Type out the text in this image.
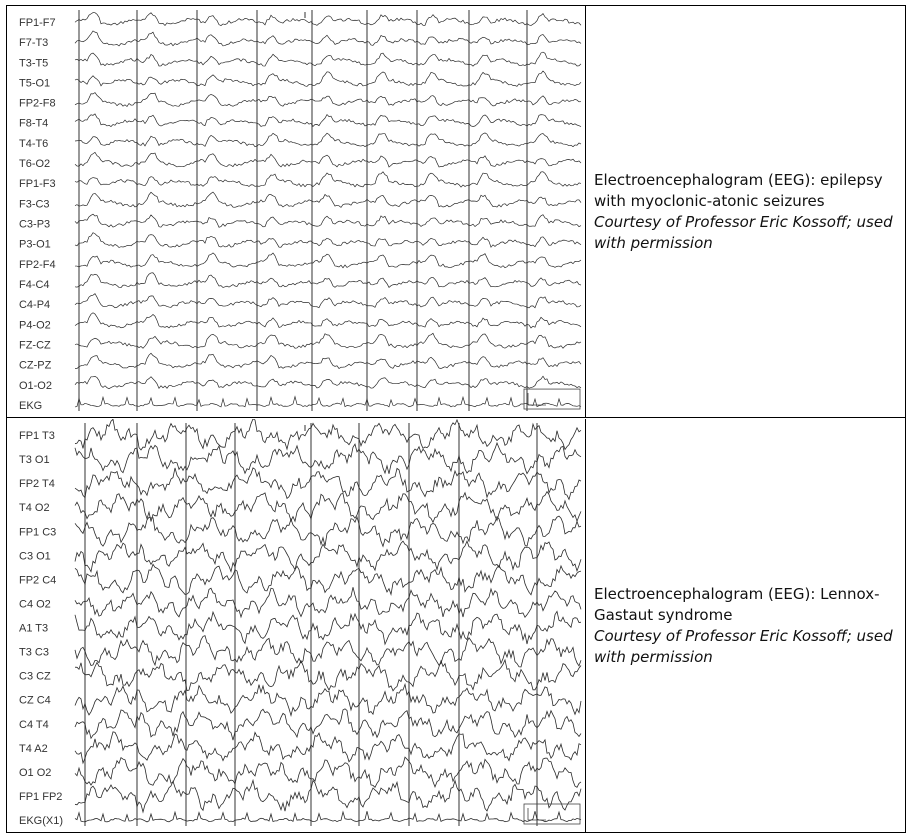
FP1-F7
F7-T3
T3-T5
T5-O1
FP2-F8
F8-T4
T4-T6
T6-O2
FP1-F3
F3-C3
C3-P3
P3-O1
FP2-F4
F4-C4
C4-P4
P4-O2
FZ-CZ
CZ-PZ
O1-O2
EKG
Electroencephalogram (EEG): epilepsy with myoclonic-atonic seizures
Courtesy of Professor Eric Kossoff; used with permission
FP1 T3
T3 O1
FP2 T4
T4 O2
FP1 C3
C3 O1
FP2 C4
C4 O2
A1 T3
T3 C3
C3 CZ
CZ C4
C4 T4
T4 A2
O1 O2
FP1 FP2
EKG(X1)
Electroencephalogram (EEG): Lennox-Gastaut syndrome
Courtesy of Professor Eric Kossoff; used with permission
